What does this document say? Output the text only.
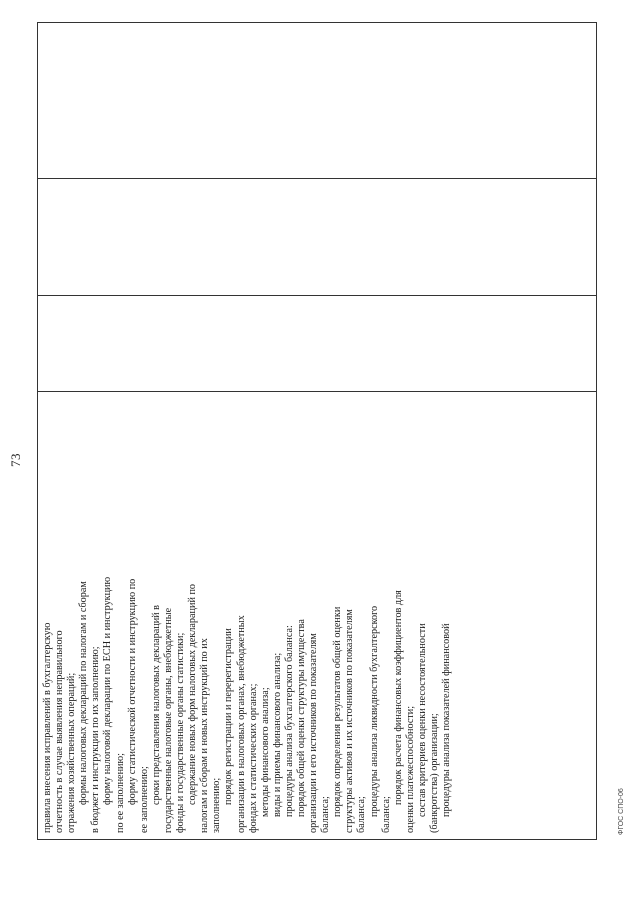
73
правила внесения исправлений в бухгалтерскую отчетность в случае выявления неправильного отражения хозяйственных операций; формы налоговых деклараций по налогам и сборам в бюджет и инструкции по их заполнению; форму налоговой декларации по ЕСН и инструкцию по ее заполнению; форму статистической отчетности и инструкцию по ее заполнению; сроки представления налоговых деклараций в государственные налоговые органы, внебюджетные фонды и государственные органы статистики; содержание новых форм налоговых деклараций по налогам и сборам и новых инструкций по их заполнению;
порядок регистрации и перерегистрации организации в налоговых органах, внебюджетных фондах и статистических органах; методы финансового анализа; виды и приемы финансового анализа; процедуры анализа бухгалтерского баланса: порядок общей оценки структуры имущества организации и его источников по показателям баланса; порядок определения результатов общей оценки структуры активов и их источников по показателям баланса; процедуры анализа ликвидности бухгалтерского баланса;
порядок расчета финансовых коэффициентов для оценки платежеспособности; состав критериев оценки несостоятельности (банкротства) организации; процедуры анализа показателей финансовой
				ФГОС СПО-06
